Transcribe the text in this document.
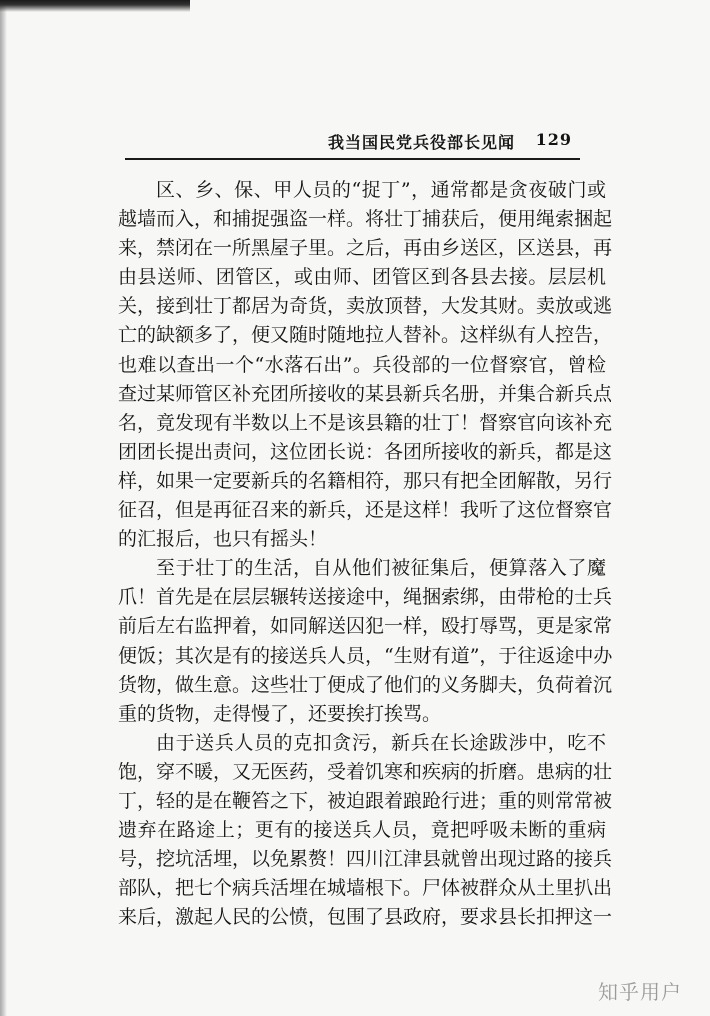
我当国民党兵役部长见闻 129
区、乡、保、甲人员的“捉丁”，通常都是贪夜破门或
越墙而入，和捕捉强盗一样。将壮丁捕获后，便用绳索捆起
来，禁闭在一所黑屋子里。之后，再由乡送区，区送县，再
由县送师、团管区，或由师、团管区到各县去接。层层机
关，接到壮丁都居为奇货，卖放顶替，大发其财。卖放或逃
亡的缺额多了，便又随时随地拉人替补。这样纵有人控告，
也难以查出一个“水落石出”。兵役部的一位督察官，曾检
查过某师管区补充团所接收的某县新兵名册，并集合新兵点
名，竟发现有半数以上不是该县籍的壮丁！督察官向该补充
团团长提出责问，这位团长说：各团所接收的新兵，都是这
样，如果一定要新兵的名籍相符，那只有把全团解散，另行
征召，但是再征召来的新兵，还是这样！我听了这位督察官
的汇报后，也只有摇头！
至于壮丁的生活，自从他们被征集后，便算落入了魔
爪！首先是在层层辗转送接途中，绳捆索绑，由带枪的士兵
前后左右监押着，如同解送囚犯一样，殴打辱骂，更是家常
便饭；其次是有的接送兵人员，“生财有道”，于往返途中办
货物，做生意。这些壮丁便成了他们的义务脚夫，负荷着沉
重的货物，走得慢了，还要挨打挨骂。
由于送兵人员的克扣贪污，新兵在长途跋涉中，吃不
饱，穿不暖，又无医药，受着饥寒和疾病的折磨。患病的壮
丁，轻的是在鞭笞之下，被迫跟着踉跄行进；重的则常常被
遗弃在路途上；更有的接送兵人员，竟把呼吸未断的重病
号，挖坑活埋，以免累赘！四川江津县就曾出现过路的接兵
部队，把七个病兵活埋在城墙根下。尸体被群众从土里扒出
来后，激起人民的公愤，包围了县政府，要求县长扣押这一
知乎用户
